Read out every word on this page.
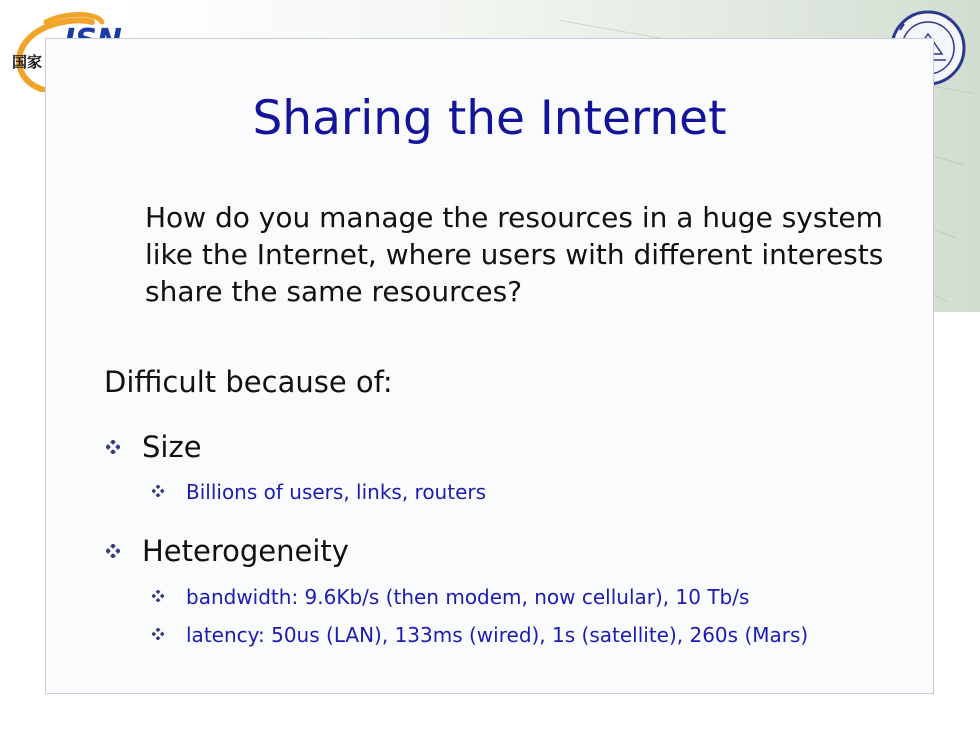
国家
Sharing the Internet
How do you manage the resources in a huge system like the Internet, where users with different interests share the same resources?
Difficult because of:
Size
Billions of users, links, routers
Heterogeneity
bandwidth: 9.6Kb/s (then modem, now cellular), 10 Tb/s
latency: 50us (LAN), 133ms (wired), 1s (satellite), 260s (Mars)
